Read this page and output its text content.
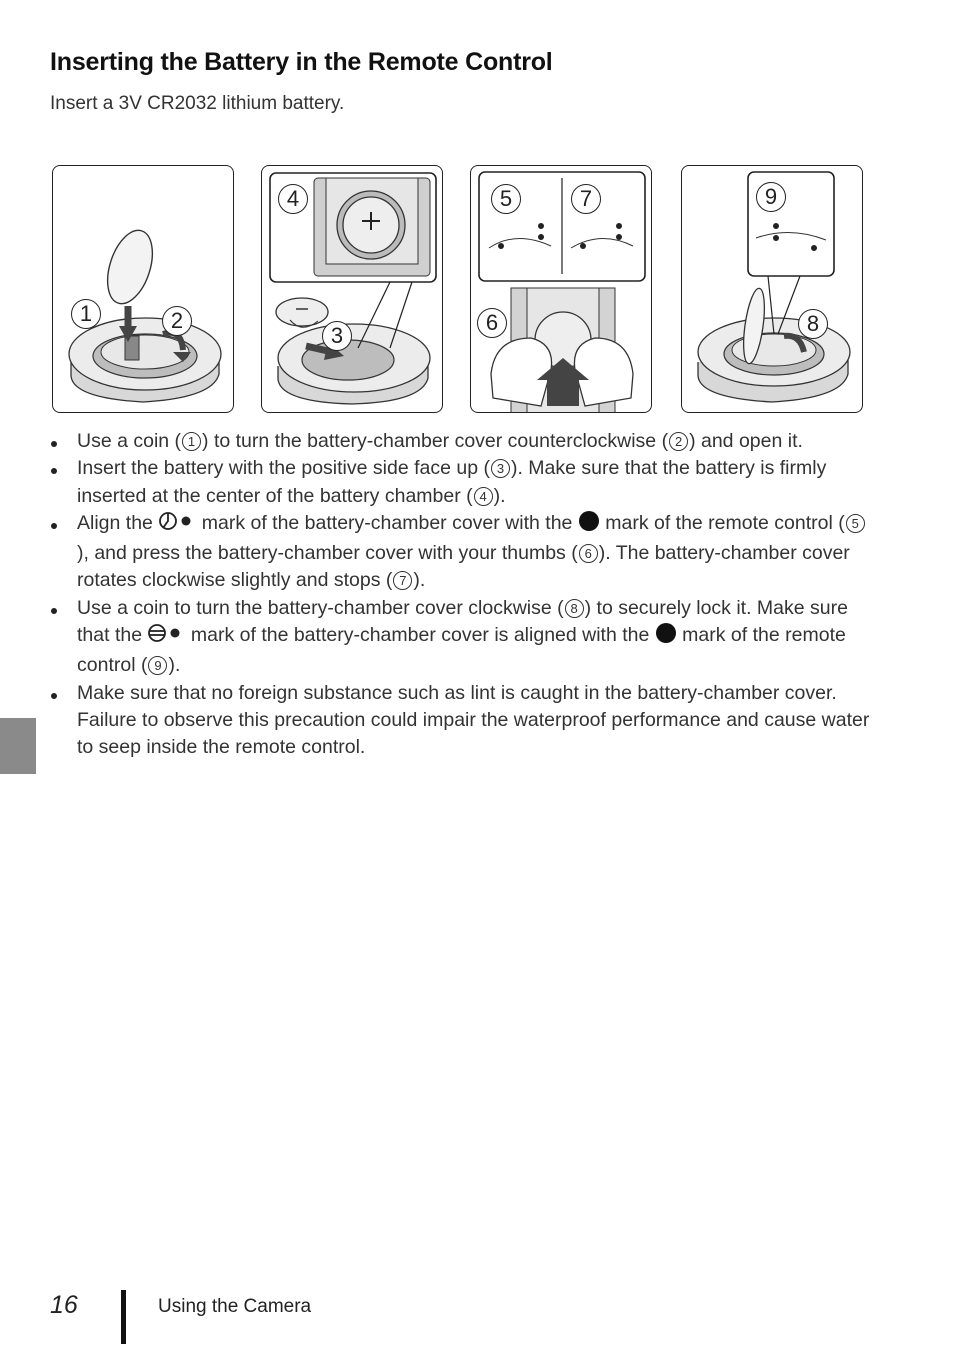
Inserting the Battery in the Remote Control

Insert a 3V CR2032 lithium battery.

1	2
3
4	5	7
6
9
8
Use a coin ( 1 ) to turn the battery-chamber cover counterclockwise ( 2 ) and open it.
Insert the battery with the positive side face up ( 3 ). Make sure that the battery is firmly inserted at the center of the battery chamber ( 4 ).
Align the  mark of the battery-chamber cover with the  mark of the remote control ( 5), and press the battery-chamber cover with your thumbs ( 6 ). The battery-chamber cover rotates clockwise slightly and stops ( 7 ).
Use a coin to turn the battery-chamber cover clockwise ( 8 ) to securely lock it. Make sure that the  mark of the battery-chamber cover is aligned with the  mark of the remote control ( 9 ).
Make sure that no foreign substance such as lint is caught in the battery-chamber cover. Failure to observe this precaution could impair the waterproof performance and cause water to seep inside the remote control.

16	Using the Camera
